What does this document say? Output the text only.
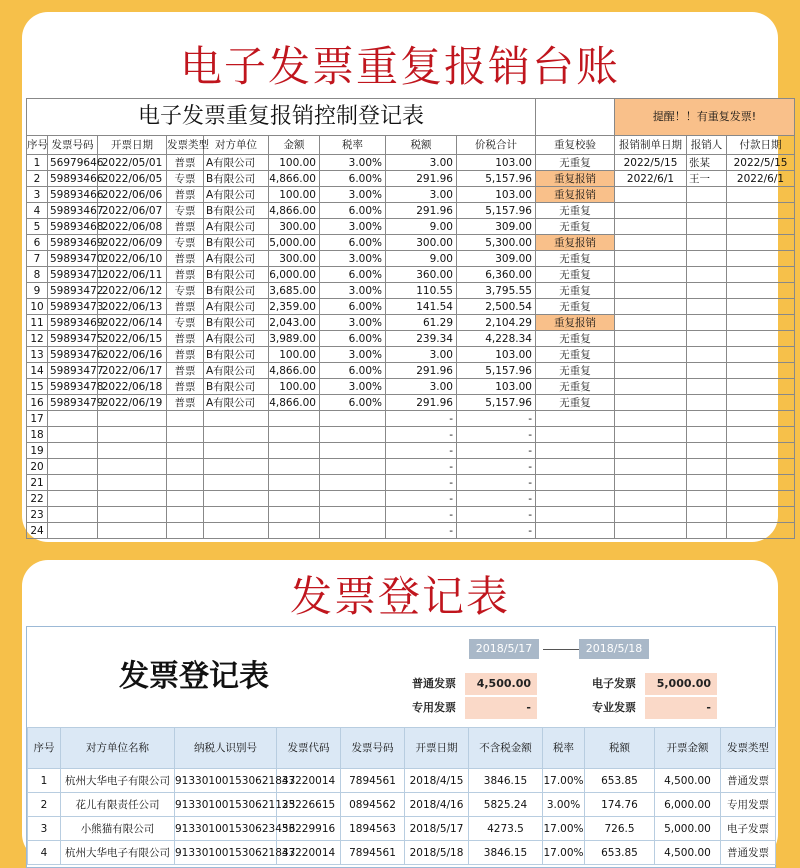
电子发票重复报销台账
电子发票重复报销控制登记表										提醒！！有重复发票!		
序号	发票号码	开票日期	发票类型	对方单位	金额	税率	税额	价税合计	重复校验	报销制单日期	报销人	付款日期
1	56979646	2022/05/01	普票	A有限公司	100.00	3.00%	3.00	103.00	无重复	2022/5/15	张某	2022/5/15
2	59893466	2022/06/05	专票	B有限公司	4,866.00	6.00%	291.96	5,157.96	重复报销	2022/6/1	王一	2022/6/1
3	59893466	2022/06/06	普票	A有限公司	100.00	3.00%	3.00	103.00	重复报销			
4	59893467	2022/06/07	专票	B有限公司	4,866.00	6.00%	291.96	5,157.96	无重复			
5	59893468	2022/06/08	普票	A有限公司	300.00	3.00%	9.00	309.00	无重复			
6	59893469	2022/06/09	专票	B有限公司	5,000.00	6.00%	300.00	5,300.00	重复报销			
7	59893470	2022/06/10	普票	A有限公司	300.00	3.00%	9.00	309.00	无重复			
8	59893471	2022/06/11	普票	B有限公司	6,000.00	6.00%	360.00	6,360.00	无重复			
9	59893472	2022/06/12	专票	B有限公司	3,685.00	3.00%	110.55	3,795.55	无重复			
10	59893473	2022/06/13	普票	A有限公司	2,359.00	6.00%	141.54	2,500.54	无重复			
11	59893469	2022/06/14	专票	B有限公司	2,043.00	3.00%	61.29	2,104.29	重复报销			
12	59893475	2022/06/15	普票	A有限公司	3,989.00	6.00%	239.34	4,228.34	无重复			
13	59893476	2022/06/16	普票	B有限公司	100.00	3.00%	3.00	103.00	无重复			
14	59893477	2022/06/17	普票	A有限公司	4,866.00	6.00%	291.96	5,157.96	无重复			
15	59893478	2022/06/18	普票	B有限公司	100.00	3.00%	3.00	103.00	无重复			
16	59893479	2022/06/19	普票	A有限公司	4,866.00	6.00%	291.96	5,157.96	无重复			
17							-	-				
18							-	-				
19							-	-				
20							-	-				
21							-	-				
22							-	-				
23							-	-				
24							-	-				
发票登记表
发票登记表
2018/5/17	2018/5/18
普通发票	4,500.00
专用发票	-
电子发票	5,000.00
专业发票	-
序号	对方单位名称	纳税人识别号	发票代码	发票号码	开票日期	不含税金额	税率	税额	开票金额	发票类型
1	杭州大华电子有限公司	913301001530621847	33220014	7894561	2018/4/15	3846.15	17.00%	653.85	4,500.00	普通发票
2	花儿有限责任公司	913301001530621125	33226615	0894562	2018/4/16	5825.24	3.00%	174.76	6,000.00	专用发票
3	小熊猫有限公司	913301001530623456	33229916	1894563	2018/5/17	4273.5	17.00%	726.5	5,000.00	电子发票
4	杭州大华电子有限公司	913301001530621847	33220014	7894561	2018/5/18	3846.15	17.00%	653.85	4,500.00	普通发票
